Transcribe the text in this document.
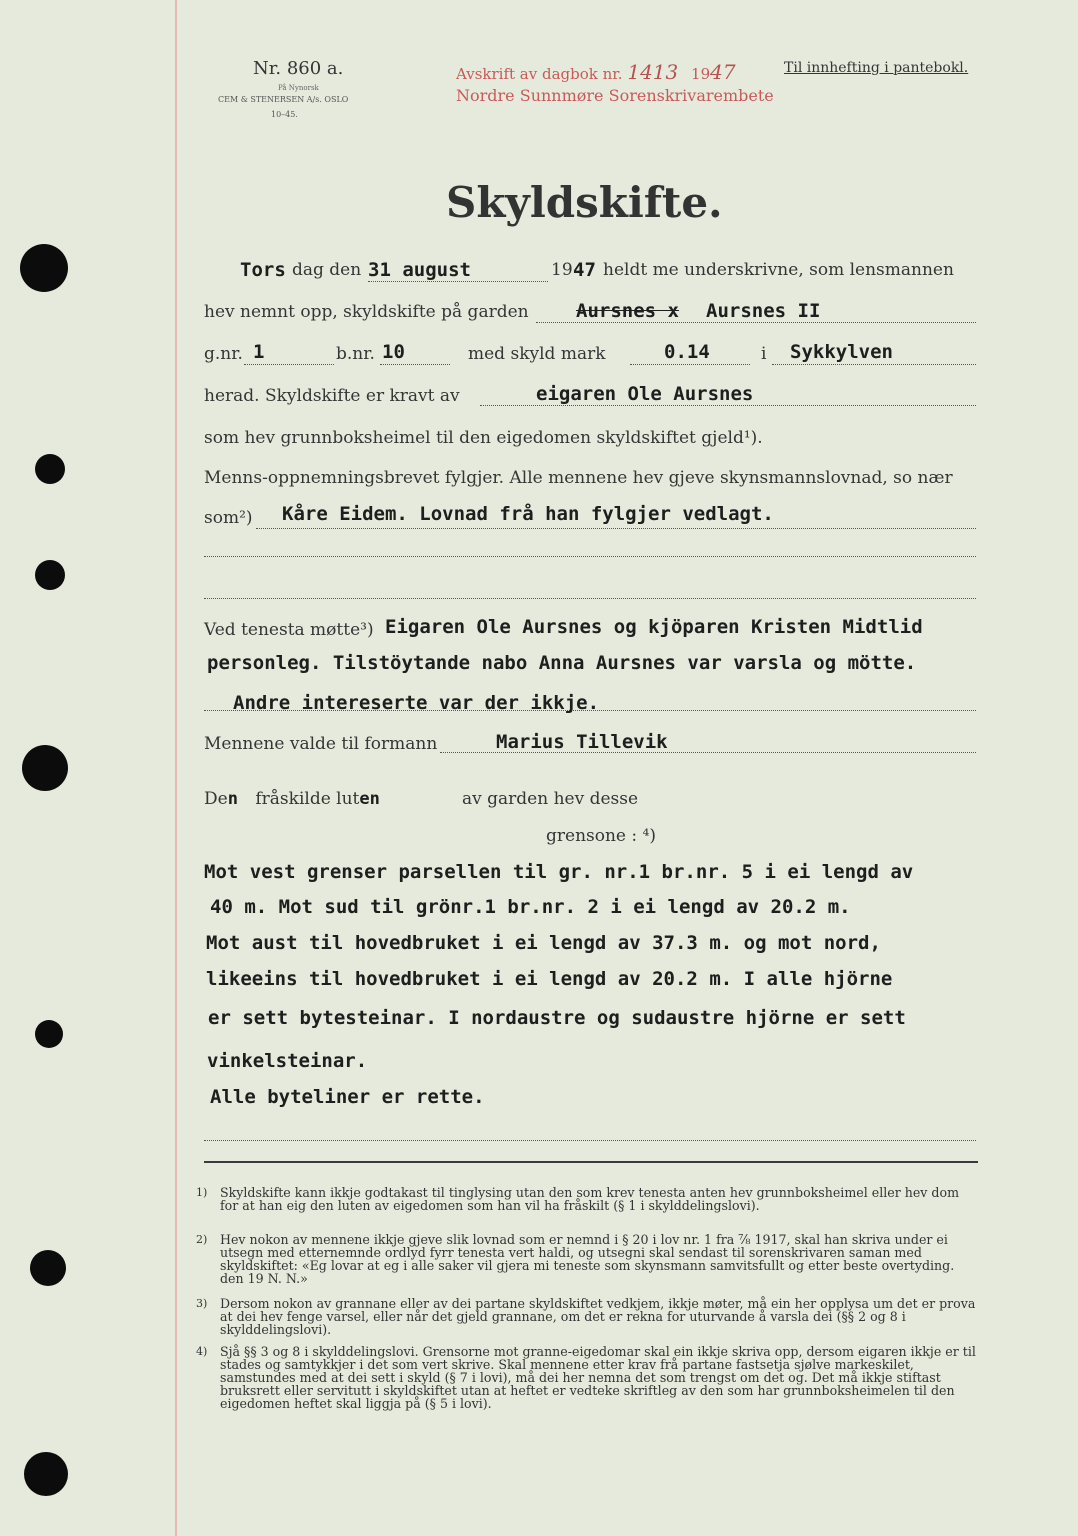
Nr. 860 a.
På Nynorsk
CEM & STENERSEN A/s. OSLO
10–45.
Avskrift av dagbok nr. 1413 1947
Nordre Sunnmøre Sorenskrivarembete
Til innhefting i pantebokl.
Skyldskifte.
Tors dag den 31 august	19 47 heldt me underskrivne, som lensmannen
hev nemnt opp, skyldskifte på garden Aursnes x Aursnes II
g.nr. 1	b.nr. 10	med skyld mark	0.14	i Sykkylven
herad. Skyldskifte er kravt av	eigaren Ole Aursnes
som hev grunnboksheimel til den eigedomen skyldskiftet gjeld¹).
Menns-oppnemningsbrevet fylgjer. Alle mennene hev gjeve skynsmannslovnad, so nær
som²) Kåre Eidem. Lovnad frå han fylgjer vedlagt.
Ved tenesta møtte³) Eigaren Ole Aursnes og kjöparen Kristen Midtlid
personleg. Tilstöytande nabo Anna Aursnes var varsla og mötte.
Andre intereserte var der ikkje.
Mennene valde til formann	Marius Tillevik
Den fråskilde luten	av garden hev desse
grensone : ⁴)
Mot vest grenser parsellen til gr. nr.1 br.nr. 5 i ei lengd av
40 m. Mot sud til grönr.1 br.nr. 2 i ei lengd av 20.2 m.
Mot aust til hovedbruket i ei lengd av 37.3 m. og mot nord,
likeeins til hovedbruket i ei lengd av 20.2 m. I alle hjörne
er sett bytesteinar. I nordaustre og sudaustre hjörne er sett
vinkelsteinar.
Alle byteliner er rette.
1) Skyldskifte kann ikkje godtakast til tinglysing utan den som krev tenesta anten hev grunnboksheimel eller hev dom for at han eig den luten av eigedomen som han vil ha fråskilt (§ 1 i skylddelingslovi).
2) Hev nokon av mennene ikkje gjeve slik lovnad som er nemnd i § 20 i lov nr. 1 fra ⅞ 1917, skal han skriva under ei utsegn med etternemnde ordlyd fyrr tenesta vert haldi, og utsegni skal sendast til sorenskrivaren saman med skyldskiftet: «Eg lovar at eg i alle saker vil gjera mi teneste som skynsmann samvitsfullt og etter beste overtyding. den 19 N. N.»
3) Dersom nokon av grannane eller av dei partane skyldskiftet vedkjem, ikkje møter, må ein her opplysa um det er prova at dei hev fenge varsel, eller når det gjeld grannane, om det er rekna for uturvande å varsla dei (§§ 2 og 8 i skylddelingslovi).
4) Sjå §§ 3 og 8 i skylddelingslovi. Grensorne mot granne-eigedomar skal ein ikkje skriva opp, dersom eigaren ikkje er til stades og samtykkjer i det som vert skrive. Skal mennene etter krav frå partane fastsetja sjølve markeskilet, samstundes med at dei sett i skyld (§ 7 i lovi), må dei her nemna det som trengst om det og. Det må ikkje stiftast bruksrett eller servitutt i skyldskiftet utan at heftet er vedteke skriftleg av den som har grunnboksheimelen til den eigedomen heftet skal liggja på (§ 5 i lovi).
